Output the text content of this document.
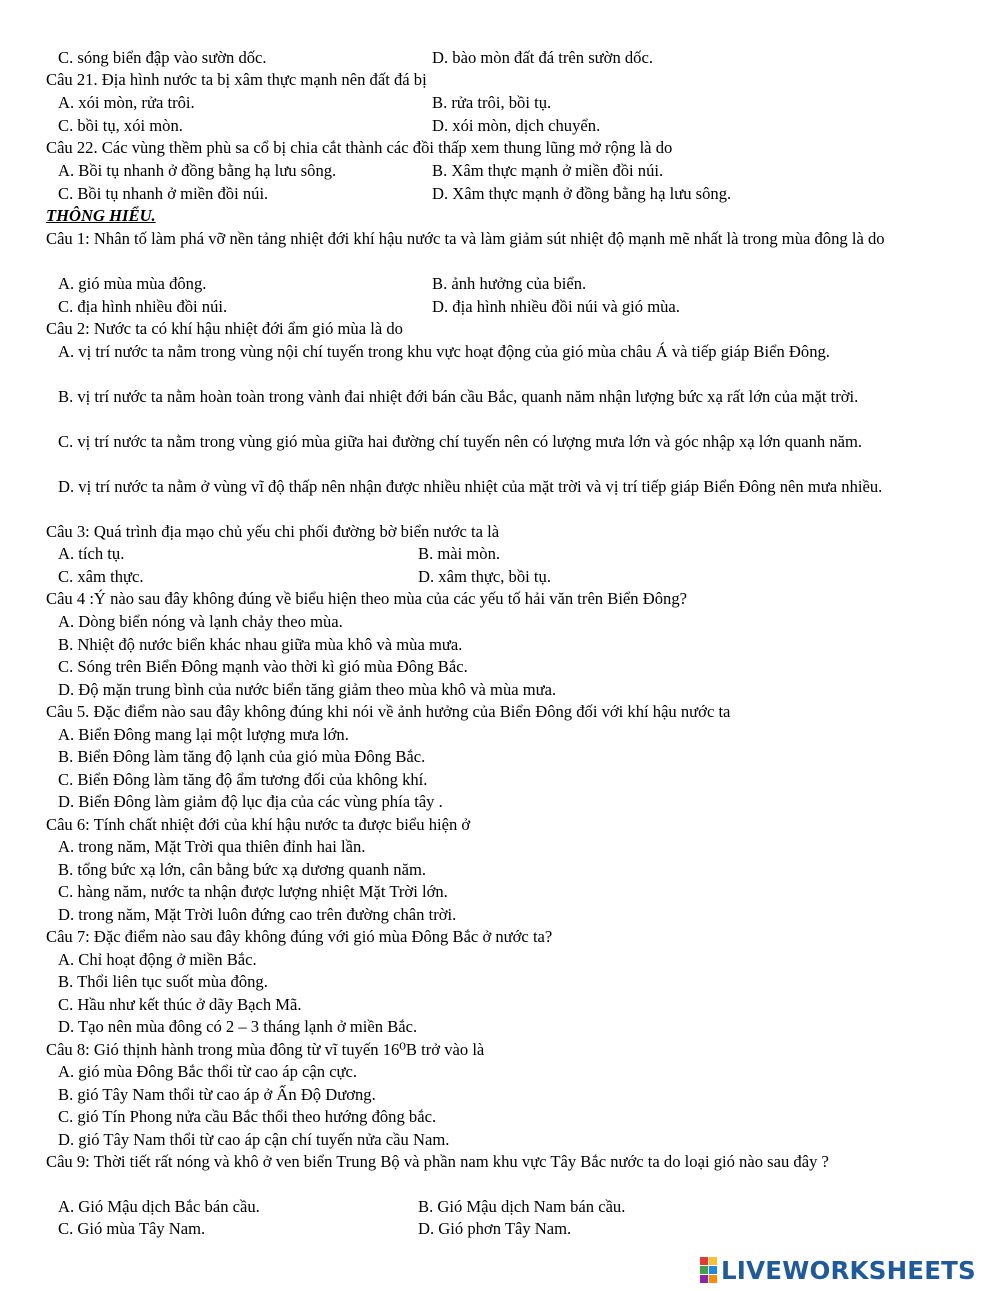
C. sóng biển đập vào sườn dốc.	D. bào mòn đất đá trên sườn dốc.
Câu 21. Địa hình nước ta bị xâm thực mạnh nên đất đá bị
A. xói mòn, rửa trôi.	B. rửa trôi, bồi tụ.
C. bồi tụ, xói mòn.	D. xói mòn, dịch chuyển.
Câu 22. Các vùng thềm phù sa cổ bị chia cắt thành các đồi thấp xem thung lũng mở rộng là do
A. Bồi tụ nhanh ở đồng bằng hạ lưu sông.	B. Xâm thực mạnh ở miền đồi núi.
C. Bồi tụ nhanh ở miền đồi núi.	D. Xâm thực mạnh ở đồng bằng hạ lưu sông.
THÔNG HIỂU.
Câu 1: Nhân tố làm phá vỡ nền tảng nhiệt đới khí hậu nước ta và làm giảm sút nhiệt độ mạnh mẽ nhất là trong mùa đông là do
A. gió mùa mùa đông.	B. ảnh hưởng của biển.
C. địa hình nhiều đồi núi.	D. địa hình nhiều đồi núi và gió mùa.
Câu 2: Nước ta có khí hậu nhiệt đới ẩm gió mùa là do
A. vị trí nước ta nằm trong vùng nội chí tuyến trong khu vực hoạt động của gió mùa châu Á và tiếp giáp Biển Đông.
B. vị trí nước ta nằm hoàn toàn trong vành đai nhiệt đới bán cầu Bắc, quanh năm nhận lượng bức xạ rất lớn của mặt trời.
C. vị trí nước ta nằm trong vùng gió mùa giữa hai đường chí tuyến nên có lượng mưa lớn và góc nhập xạ lớn quanh năm.
D. vị trí nước ta nằm ở vùng vĩ độ thấp nên nhận được nhiều nhiệt của mặt trời và vị trí tiếp giáp Biển Đông nên mưa nhiều.
Câu 3: Quá trình địa mạo chủ yếu chi phối đường bờ biển nước ta là
A. tích tụ.	B. mài mòn.
C. xâm thực.	D. xâm thực, bồi tụ.
Câu 4 :Ý nào sau đây không đúng về biểu hiện theo mùa của các yếu tố hải văn trên Biển Đông?
A. Dòng biển nóng và lạnh chảy theo mùa.
B. Nhiệt độ nước biển khác nhau giữa mùa khô và mùa mưa.
C. Sóng trên Biển Đông mạnh vào thời kì gió mùa Đông Bắc.
D. Độ mặn trung bình của nước biển tăng giảm theo mùa khô và mùa mưa.
Câu 5. Đặc điểm nào sau đây không đúng khi nói về ảnh hưởng của Biển Đông đối với khí hậu nước ta
A. Biển Đông mang lại một lượng mưa lớn.
B. Biển Đông làm tăng độ lạnh của gió mùa Đông Bắc.
C. Biển Đông làm tăng độ ẩm tương đối của không khí.
D. Biển Đông làm giảm độ lục địa của các vùng phía tây .
Câu 6: Tính chất nhiệt đới của khí hậu nước ta được biểu hiện ở
A. trong năm, Mặt Trời qua thiên đỉnh hai lần.
B. tổng bức xạ lớn, cân bằng bức xạ dương quanh năm.
C. hàng năm, nước ta nhận được lượng nhiệt Mặt Trời lớn.
D. trong năm, Mặt Trời luôn đứng cao trên đường chân trời.
Câu 7: Đặc điểm nào sau đây không đúng với gió mùa Đông Bắc ở nước ta?
A. Chỉ hoạt động ở miền Bắc.
B. Thổi liên tục suốt mùa đông.
C. Hầu như kết thúc ở dãy Bạch Mã.
D. Tạo nên mùa đông có 2 – 3 tháng lạnh ở miền Bắc.
Câu 8: Gió thịnh hành trong mùa đông từ vĩ tuyến 16⁰B trở vào là
A. gió mùa Đông Bắc thổi từ cao áp cận cực.
B. gió Tây Nam thổi từ cao áp ở Ấn Độ Dương.
C. gió Tín Phong nửa cầu Bắc thổi theo hướng đông bắc.
D. gió Tây Nam thổi từ cao áp cận chí tuyến nửa cầu Nam.
Câu 9: Thời tiết rất nóng và khô ở ven biển Trung Bộ và phần nam khu vực Tây Bắc nước ta do loại gió nào sau đây ?
A. Gió Mậu dịch Bắc bán cầu.	B. Gió Mậu dịch Nam bán cầu.
C. Gió mùa Tây Nam.	D. Gió phơn Tây Nam.
LIVEWORKSHEETS
